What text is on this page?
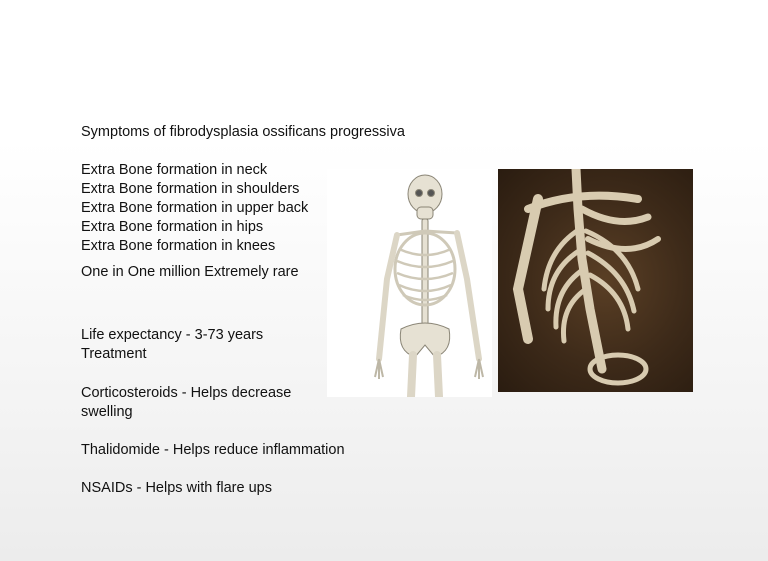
Symptoms of fibrodysplasia ossificans progressiva

Extra Bone formation in neck
Extra Bone formation in shoulders
Extra Bone formation in upper back
Extra Bone formation in hips
Extra Bone formation in knees

One in One million Extremely rare

Life expectancy - 3-73 years
Treatment

Corticosteroids - Helps decrease swelling

Thalidomide - Helps reduce inflammation

NSAIDs - Helps with flare ups
